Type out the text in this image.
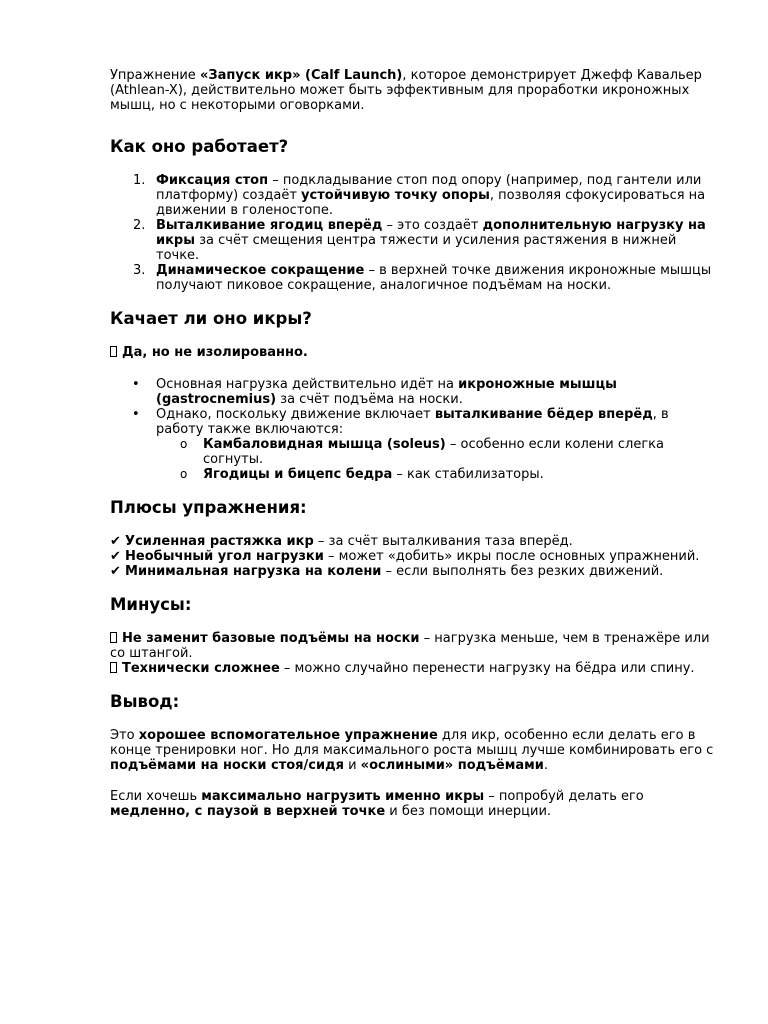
Упражнение «Запуск икр» (Calf Launch), которое демонстрирует Джефф Кавальер (Athlean-X), действительно может быть эффективным для проработки икроножных мышц, но с некоторыми оговорками.

Как оно работает?
1. Фиксация стоп – подкладывание стоп под опору (например, под гантели или платформу) создаёт устойчивую точку опоры, позволяя сфокусироваться на движении в голеностопе.
2. Выталкивание ягодиц вперёд – это создаёт дополнительную нагрузку на икры за счёт смещения центра тяжести и усиления растяжения в нижней точке.
3. Динамическое сокращение – в верхней точке движения икроножные мышцы получают пиковое сокращение, аналогичное подъёмам на носки.
Качает ли оно икры?

Да, но не изолированно.

• Основная нагрузка действительно идёт на икроножные мышцы (gastrocnemius) за счёт подъёма на носки.
• Однако, поскольку движение включает выталкивание бёдер вперёд, в работу также включаются:
o Камбаловидная мышца (soleus) – особенно если колени слегка согнуты.
o Ягодицы и бицепс бедра – как стабилизаторы.
Плюсы упражнения:

✔ Усиленная растяжка икр – за счёт выталкивания таза вперёд.
✔ Необычный угол нагрузки – может «добить» икры после основных упражнений.
✔ Минимальная нагрузка на колени – если выполнять без резких движений.

Минусы:

Не заменит базовые подъёмы на носки – нагрузка меньше, чем в тренажёре или со штангой.
Технически сложнее – можно случайно перенести нагрузку на бёдра или спину.

Вывод:

Это хорошее вспомогательное упражнение для икр, особенно если делать его в конце тренировки ног. Но для максимального роста мышц лучше комбинировать его с подъёмами на носки стоя/сидя и «ослиными» подъёмами.

Если хочешь максимально нагрузить именно икры – попробуй делать его медленно, с паузой в верхней точке и без помощи инерции.
